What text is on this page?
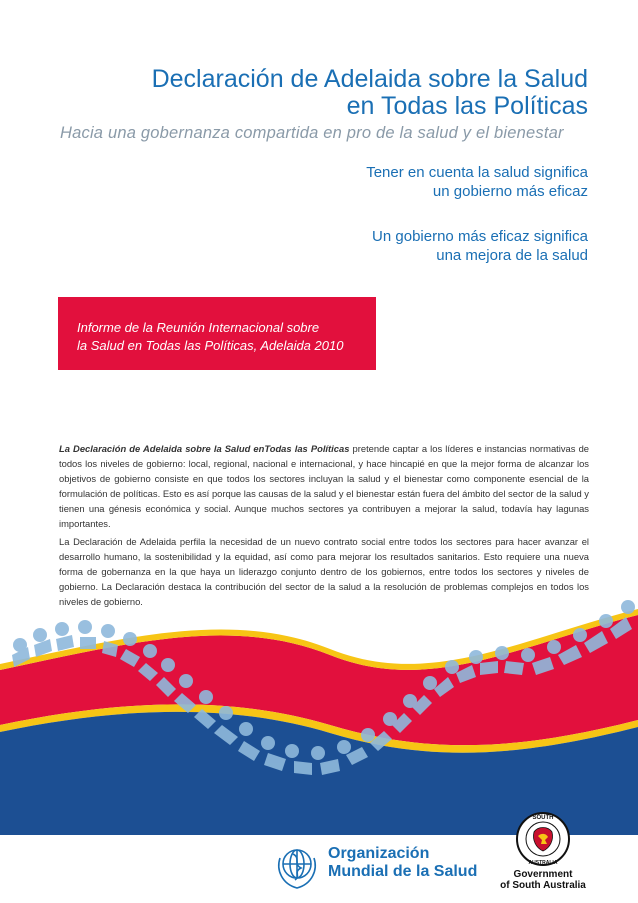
Declaración de Adelaida sobre la Salud
en Todas las Políticas

Hacia una gobernanza compartida en pro de la salud y el bienestar

Tener en cuenta la salud significa
un gobierno más eficaz
Un gobierno más eficaz significa
una mejora de la salud
Informe de la Reunión Internacional sobre
la Salud en Todas las Políticas, Adelaida 2010

La Declaración de Adelaida sobre la Salud enTodas las Políticas pretende captar a los líderes e instancias normativas de todos los niveles de gobierno: local, regional, nacional e internacional, y hace hincapié en que la mejor forma de alcanzar los objetivos de gobierno consiste en que todos los sectores incluyan la salud y el bienestar como componente esencial de la formulación de políticas. Esto es así porque las causas de la salud y el bienestar están fuera del ámbito del sector de la salud y tienen una génesis económica y social. Aunque muchos sectores ya contribuyen a mejorar la salud, todavía hay lagunas importantes.

La Declaración de Adelaida perfila la necesidad de un nuevo contrato social entre todos los sectores para hacer avanzar el desarrollo humano, la sostenibilidad y la equidad, así como para mejorar los resultados sanitarios. Esto requiere una nueva forma de gobernanza en la que haya un liderazgo conjunto dentro de los gobiernos, entre todos los sectores y niveles de gobierno. La Declaración destaca la contribución del sector de la salud a la resolución de problemas complejos en todos los niveles de gobierno.

Organización
Mundial de la Salud
SOUTH
AUSTRALIA
Government
of South Australia
